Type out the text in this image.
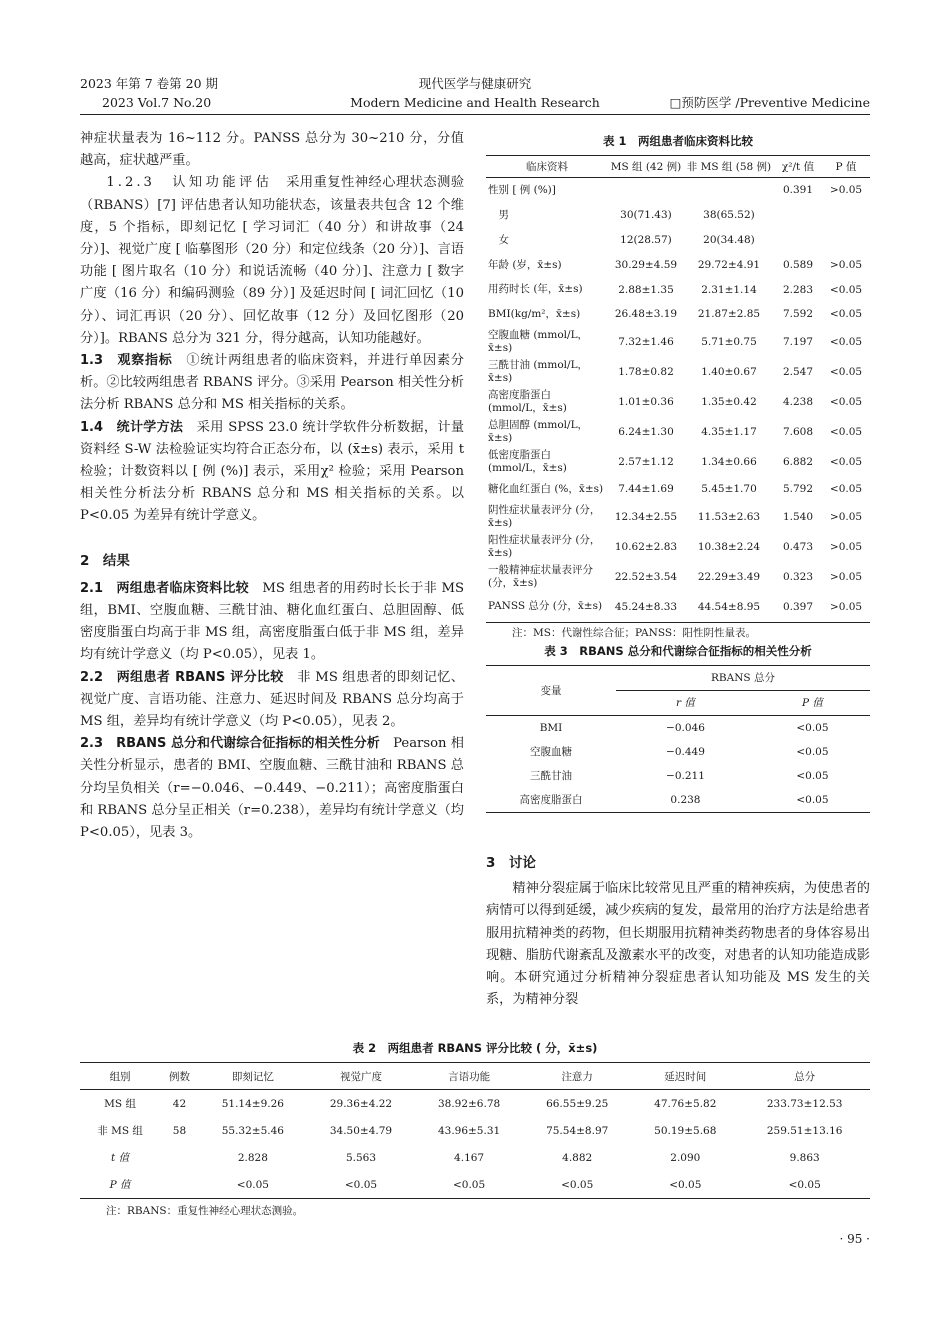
2023 年第 7 卷第 20 期
2023 Vol.7 No.20
现代医学与健康研究
Modern Medicine and Health Research	□预防医学 /Preventive Medicine

神症状量表为 16~112 分。PANSS 总分为 30~210 分，分值越高，症状越严重。

1.2.3　认知功能评估　采用重复性神经心理状态测验（RBANS）[7] 评估患者认知功能状态，该量表共包含 12 个维度，5 个指标，即刻记忆 [ 学习词汇（40 分）和讲故事（24 分）]、视觉广度 [ 临摹图形（20 分）和定位线条（20 分）]、言语功能 [ 图片取名（10 分）和说话流畅（40 分）]、注意力 [ 数字广度（16 分）和编码测验（89 分）] 及延迟时间 [ 词汇回忆（10 分）、词汇再识（20 分）、回忆故事（12 分）及回忆图形（20 分）]。RBANS 总分为 321 分，得分越高，认知功能越好。

1.3　观察指标　①统计两组患者的临床资料，并进行单因素分析。②比较两组患者 RBANS 评分。③采用 Pearson 相关性分析法分析 RBANS 总分和 MS 相关指标的关系。

1.4　统计学方法　采用 SPSS 23.0 统计学软件分析数据，计量资料经 S-W 法检验证实均符合正态分布，以 (x̄±s) 表示，采用 t 检验；计数资料以 [ 例 (%)] 表示，采用χ² 检验；采用 Pearson 相关性分析法分析 RBANS 总分和 MS 相关指标的关系。以 P<0.05 为差异有统计学意义。

2　结果

2.1　两组患者临床资料比较　MS 组患者的用药时长长于非 MS 组，BMI、空腹血糖、三酰甘油、糖化血红蛋白、总胆固醇、低密度脂蛋白均高于非 MS 组，高密度脂蛋白低于非 MS 组，差异均有统计学意义（均 P<0.05），见表 1。

2.2　两组患者 RBANS 评分比较　非 MS 组患者的即刻记忆、视觉广度、言语功能、注意力、延迟时间及 RBANS 总分均高于 MS 组，差异均有统计学意义（均 P<0.05），见表 2。

2.3　RBANS 总分和代谢综合征指标的相关性分析　Pearson 相关性分析显示，患者的 BMI、空腹血糖、三酰甘油和 RBANS 总分均呈负相关（r=−0.046、−0.449、−0.211）；高密度脂蛋白和 RBANS 总分呈正相关（r=0.238），差异均有统计学意义（均 P<0.05），见表 3。

表 1　两组患者临床资料比较
临床资料	MS 组 (42 例)	非 MS 组 (58 例)	χ²/t 值	P 值
性别 [ 例 (%)]			0.391	>0.05
　男	30(71.43)	38(65.52)		
　女	12(28.57)	20(34.48)		
年龄 (岁，x̄±s)	30.29±4.59	29.72±4.91	0.589	>0.05
用药时长 (年，x̄±s)	2.88±1.35	2.31±1.14	2.283	<0.05
BMI(kg/m²，x̄±s)	26.48±3.19	21.87±2.85	7.592	<0.05
空腹血糖 (mmol/L，x̄±s)	7.32±1.46	5.71±0.75	7.197	<0.05
三酰甘油 (mmol/L，x̄±s)	1.78±0.82	1.40±0.67	2.547	<0.05
高密度脂蛋白 (mmol/L，x̄±s)	1.01±0.36	1.35±0.42	4.238	<0.05
总胆固醇 (mmol/L，x̄±s)	6.24±1.30	4.35±1.17	7.608	<0.05
低密度脂蛋白 (mmol/L，x̄±s)	2.57±1.12	1.34±0.66	6.882	<0.05
糖化血红蛋白 (%，x̄±s)	7.44±1.69	5.45±1.70	5.792	<0.05
阴性症状量表评分 (分，x̄±s)	12.34±2.55	11.53±2.63	1.540	>0.05
阳性症状量表评分 (分，x̄±s)	10.62±2.83	10.38±2.24	0.473	>0.05
一般精神症状量表评分 (分，x̄±s)	22.52±3.54	22.29±3.49	0.323	>0.05
PANSS 总分 (分，x̄±s)	45.24±8.33	44.54±8.95	0.397	>0.05
注：MS：代谢性综合征；PANSS：阳性阴性量表。
表 3　RBANS 总分和代谢综合征指标的相关性分析
变量	RBANS 总分	
	r 值	P 值
BMI	−0.046	<0.05
空腹血糖	−0.449	<0.05
三酰甘油	−0.211	<0.05
高密度脂蛋白	0.238	<0.05

3　讨论

精神分裂症属于临床比较常见且严重的精神疾病，为使患者的病情可以得到延缓，减少疾病的复发，最常用的治疗方法是给患者服用抗精神类的药物，但长期服用抗精神类药物患者的身体容易出现糖、脂肪代谢紊乱及激素水平的改变，对患者的认知功能造成影响。本研究通过分析精神分裂症患者认知功能及 MS 发生的关系，为精神分裂

表 2　两组患者 RBANS 评分比较 ( 分，x̄±s)
组别	例数	即刻记忆	视觉广度	言语功能	注意力	延迟时间	总分
MS 组	42	51.14±9.26	29.36±4.22	38.92±6.78	66.55±9.25	47.76±5.82	233.73±12.53
非 MS 组	58	55.32±5.46	34.50±4.79	43.96±5.31	75.54±8.97	50.19±5.68	259.51±13.16
t 值		2.828	5.563	4.167	4.882	2.090	9.863
P 值		<0.05	<0.05	<0.05	<0.05	<0.05	<0.05
注：RBANS：重复性神经心理状态测验。
· 95 ·
